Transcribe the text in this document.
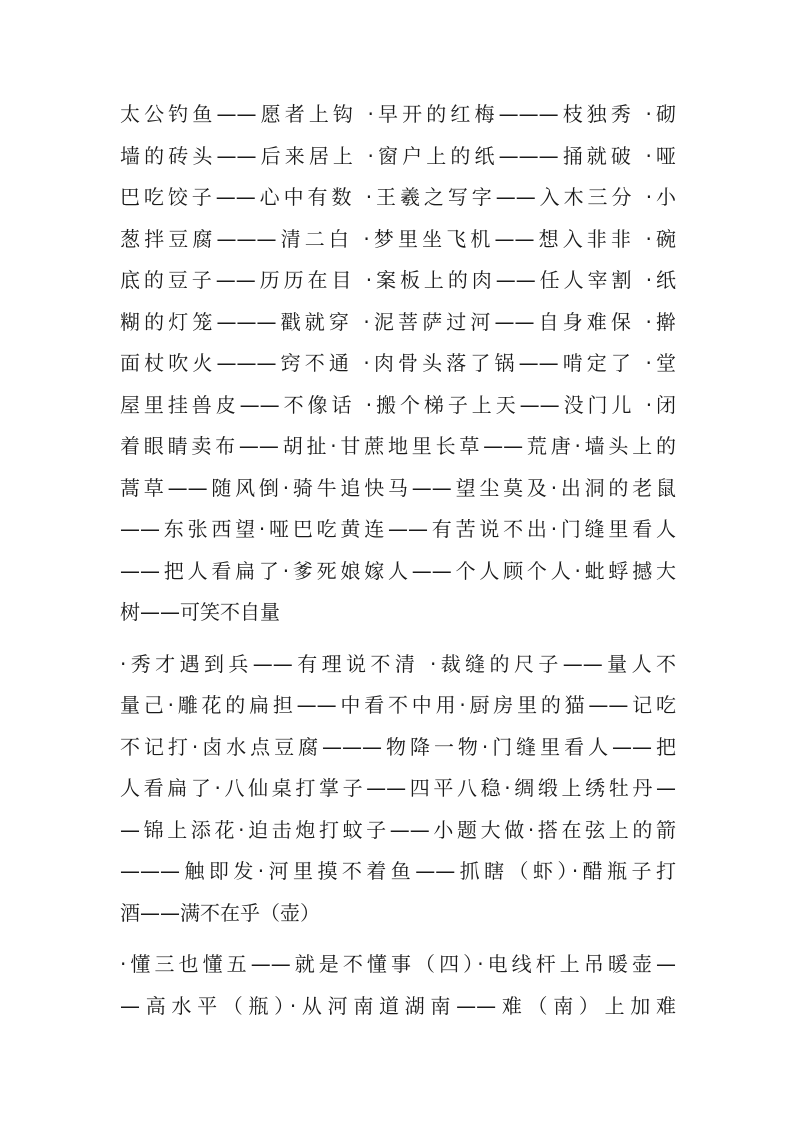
太公钓鱼——愿者上钩 ·早开的红梅———枝独秀 ·砌
墙的砖头——后来居上 ·窗户上的纸———捅就破 ·哑
巴吃饺子——心中有数 ·王羲之写字——入木三分 ·小
葱拌豆腐———清二白 ·梦里坐飞机——想入非非 ·碗
底的豆子——历历在目 ·案板上的肉——任人宰割 ·纸
糊的灯笼———戳就穿 ·泥菩萨过河——自身难保 ·擀
面杖吹火———窍不通 ·肉骨头落了锅——啃定了 ·堂
屋里挂兽皮——不像话 ·搬个梯子上天——没门儿 ·闭
着眼睛卖布——胡扯·甘蔗地里长草——荒唐·墙头上的
蒿草——随风倒·骑牛追快马——望尘莫及·出洞的老鼠
——东张西望·哑巴吃黄连——有苦说不出·门缝里看人
——把人看扁了·爹死娘嫁人——个人顾个人·蚍蜉撼大
树——可笑不自量
·秀才遇到兵——有理说不清 ·裁缝的尺子——量人不
量己·雕花的扁担——中看不中用·厨房里的猫——记吃
不记打·卤水点豆腐———物降一物·门缝里看人——把
人看扁了·八仙桌打掌子——四平八稳·绸缎上绣牡丹—
—锦上添花·迫击炮打蚊子——小题大做·搭在弦上的箭
———触即发·河里摸不着鱼——抓瞎（虾）·醋瓶子打
酒——满不在乎（壶）
·懂三也懂五——就是不懂事（四）·电线杆上吊暖壶—
—高水平（瓶）·从河南道湖南——难（南）上加难
